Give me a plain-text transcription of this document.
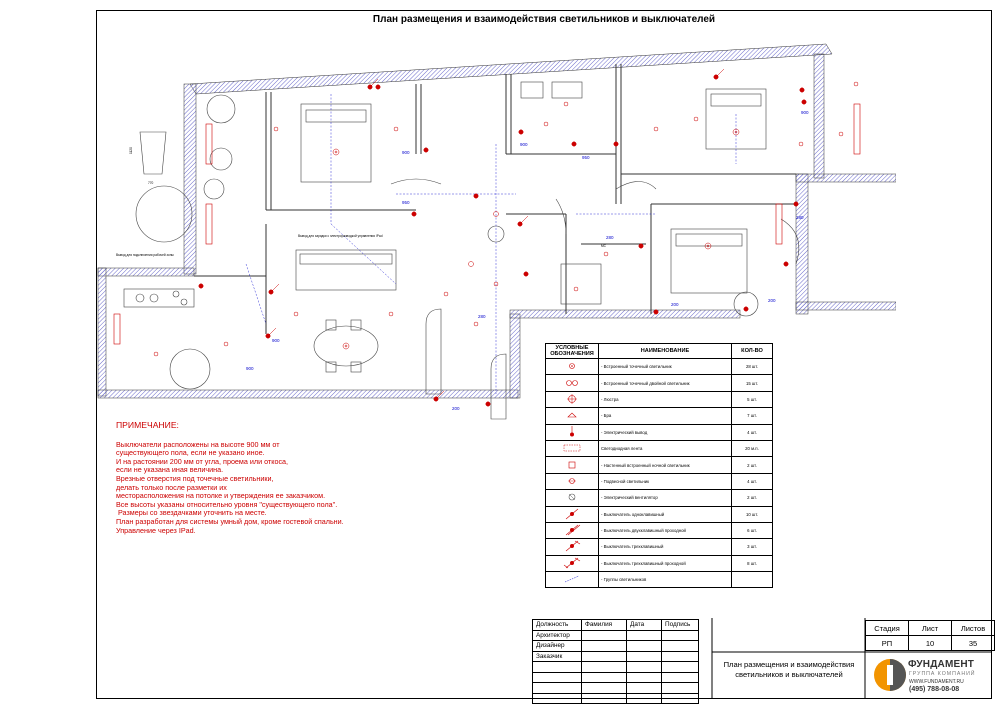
План размещения и взаимодействия светильников и выключателей
770
1120
МС
Вывод для подключения рабочей зоны
Вывод для зарядки с электроразводкой управления IPad
900
950
200
280
900
950
280
200
200
900
900
280
900
ПРИМЕЧАНИЕ:

Выключатели расположены на высоте 900 мм от

существующего пола, если не указано иное.

И на растоянии 200 мм от угла, проема или откоса,

если не указана иная величина.

Врезные отверстия под точечные светильники,

делать только после разметки их

месторасположения на потолке и утверждения ее заказчиком.

Все высоты указаны относительно уровня "существующего пола".

Размеры со звездачками уточнить на месте.

План разработан для системы умный дом, кроме гостевой спальни.

Управление через IPad.

УСЛОВНЫЕ ОБОЗНАЧЕНИЯ	НАИМЕНОВАНИЕ	КОЛ-ВО
	- Встроенный точечный светильник	28 шт.
	- Встроенный точечный двойной светильник	15 шт.
	- Люстра	5 шт.
	- Бра	7 шт.
	- Электрический вывод	4 шт.
	Светодиодная лента	20 м.п.
	- Настенный встроенный ночной светильник	2 шт.
	- Подвесной светильник	4 шт.
	- Электрический вентилятор	2 шт.
	- Выключатель одноклавишный	10 шт.
	- Выключатель двухклавишный проходной	6 шт.
	- Выключатель трехклавишный	3 шт.
	- Выключатель трехклавишный проходной	8 шт.
	- Группы светильников	
Должность	Фамилия	Дата	Подпись
Архитектор			
Дизайнер			
Заказчик			

Стадия	Лист	Листов
РП	10	35
План размещения и взаимодействия светильников и выключателей
ФУНДАМЕНТ
ГРУППА КОМПАНИЙ
WWW.FUNDAMENT.RU
(495) 788-08-08
